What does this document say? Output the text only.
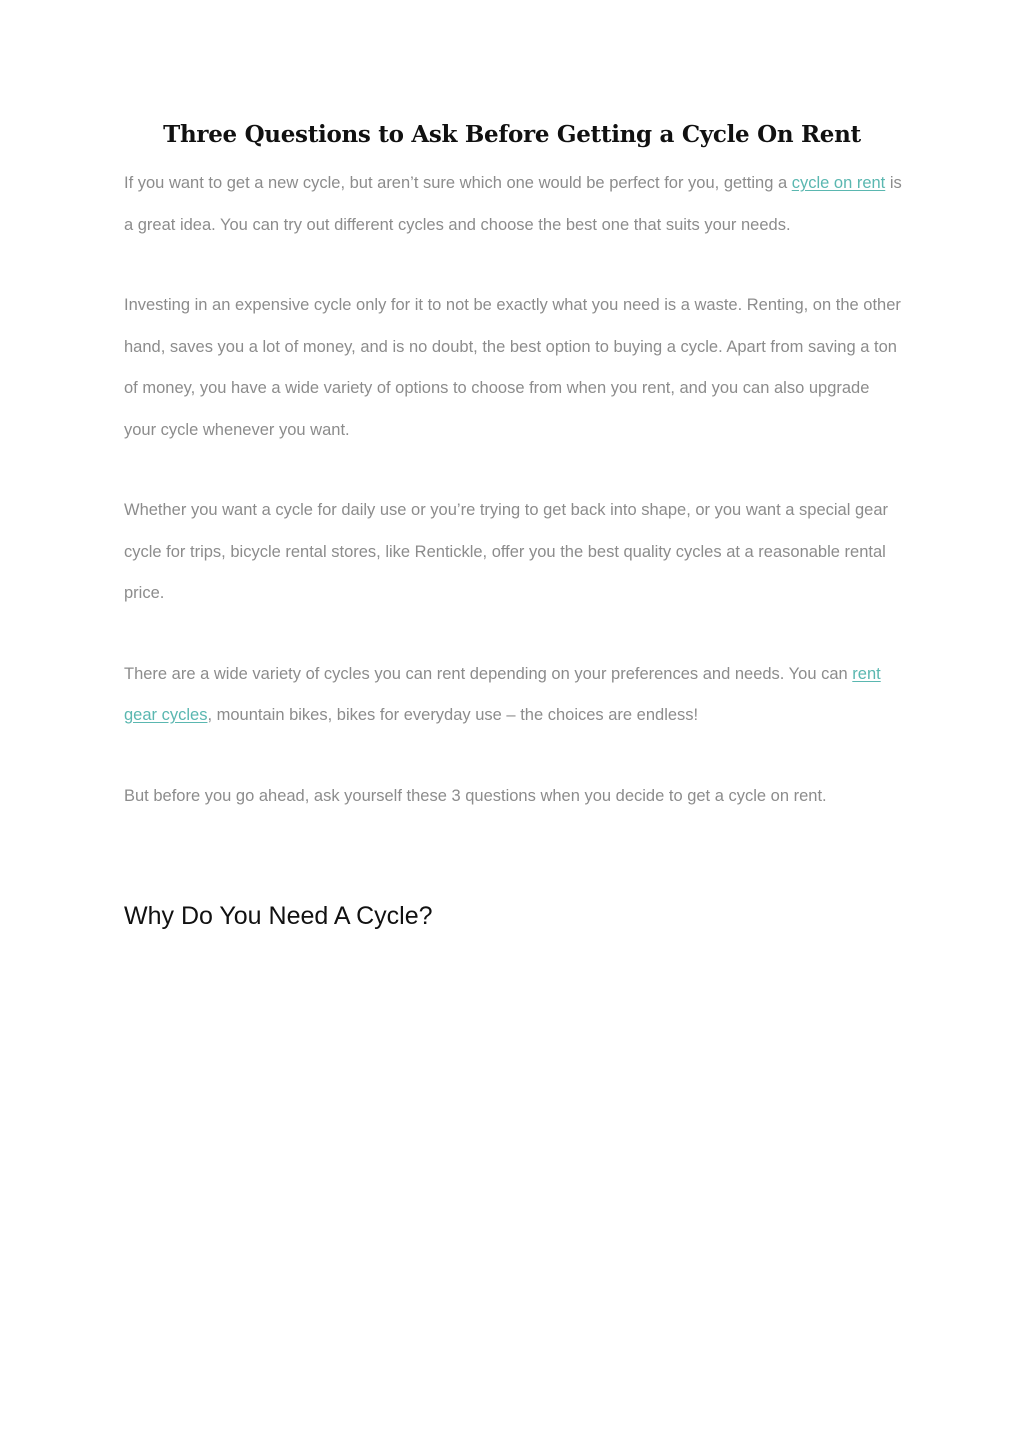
Three Questions to Ask Before Getting a Cycle On Rent

If you want to get a new cycle, but aren’t sure which one would be perfect for you, getting a cycle on rent is a great idea. You can try out different cycles and choose the best one that suits your needs.

Investing in an expensive cycle only for it to not be exactly what you need is a waste. Renting, on the other hand, saves you a lot of money, and is no doubt, the best option to buying a cycle. Apart from saving a ton of money, you have a wide variety of options to choose from when you rent, and you can also upgrade your cycle whenever you want.

Whether you want a cycle for daily use or you’re trying to get back into shape, or you want a special gear cycle for trips, bicycle rental stores, like Rentickle, offer you the best quality cycles at a reasonable rental price.

There are a wide variety of cycles you can rent depending on your preferences and needs. You can rent gear cycles, mountain bikes, bikes for everyday use – the choices are endless!

But before you go ahead, ask yourself these 3 questions when you decide to get a cycle on rent.

Why Do You Need A Cycle?
